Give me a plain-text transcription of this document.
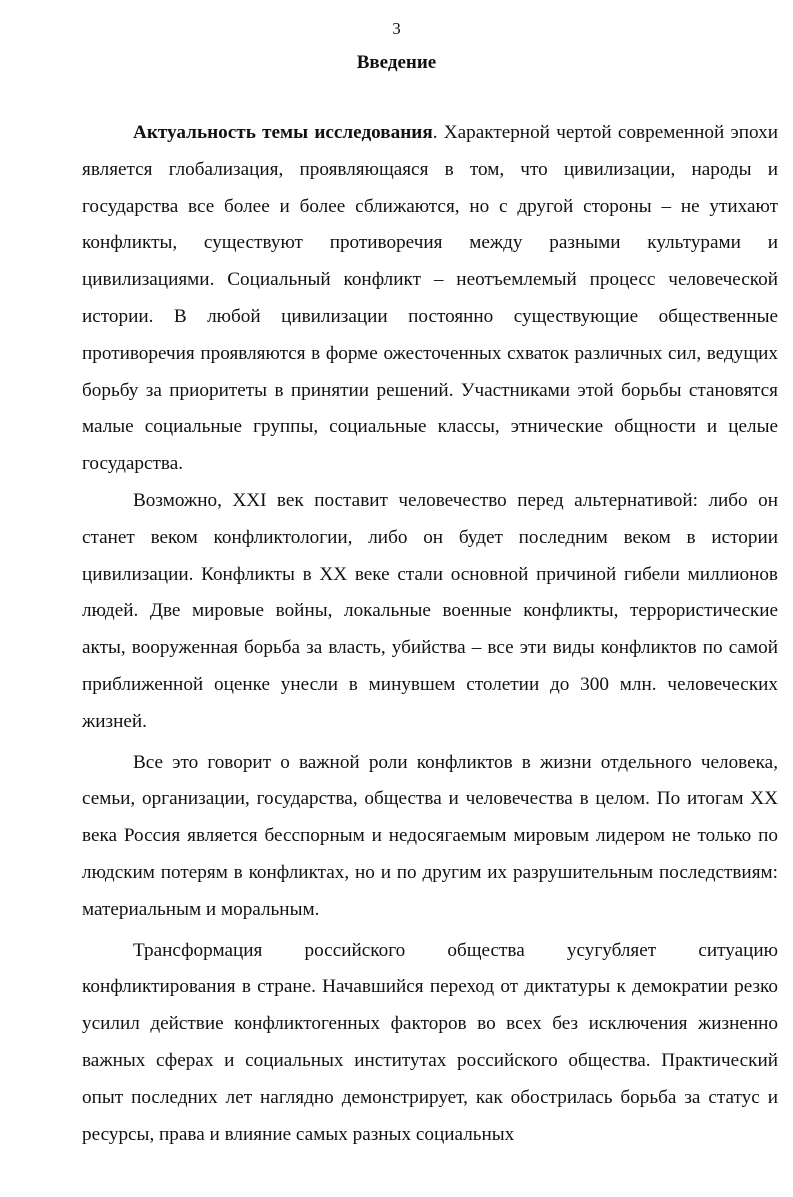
3
Введение

Актуальность темы исследования. Характерной чертой современной эпохи является глобализация, проявляющаяся в том, что цивилизации, народы и государства все более и более сближаются, но с другой стороны – не утихают конфликты, существуют противоречия между разными культурами и цивилизациями. Социальный конфликт – неотъемлемый процесс человеческой истории. В любой цивилизации постоянно существующие общественные противоречия проявляются в форме ожесточенных схваток различных сил, ведущих борьбу за приоритеты в принятии решений. Участниками этой борьбы становятся малые социальные группы, социальные классы, этнические общности и целые государства.

Возможно, XXI век поставит человечество перед альтернативой: либо он станет веком конфликтологии, либо он будет последним веком в истории цивилизации. Конфликты в XX веке стали основной причиной гибели миллионов людей. Две мировые войны, локальные военные конфликты, террористические акты, вооруженная борьба за власть, убийства – все эти виды конфликтов по самой приближенной оценке унесли в минувшем столетии до 300 млн. человеческих жизней.

Все это говорит о важной роли конфликтов в жизни отдельного человека, семьи, организации, государства, общества и человечества в целом. По итогам XX века Россия является бесспорным и недосягаемым мировым лидером не только по людским потерям в конфликтах, но и по другим их разрушительным последствиям: материальным и моральным.

Трансформация российского общества усугубляет ситуацию конфликтирования в стране. Начавшийся переход от диктатуры к демократии резко усилил действие конфликтогенных факторов во всех без исключения жизненно важных сферах и социальных институтах российского общества. Практический опыт последних лет наглядно демонстрирует, как обострилась борьба за статус и ресурсы, права и влияние самых разных социальных
